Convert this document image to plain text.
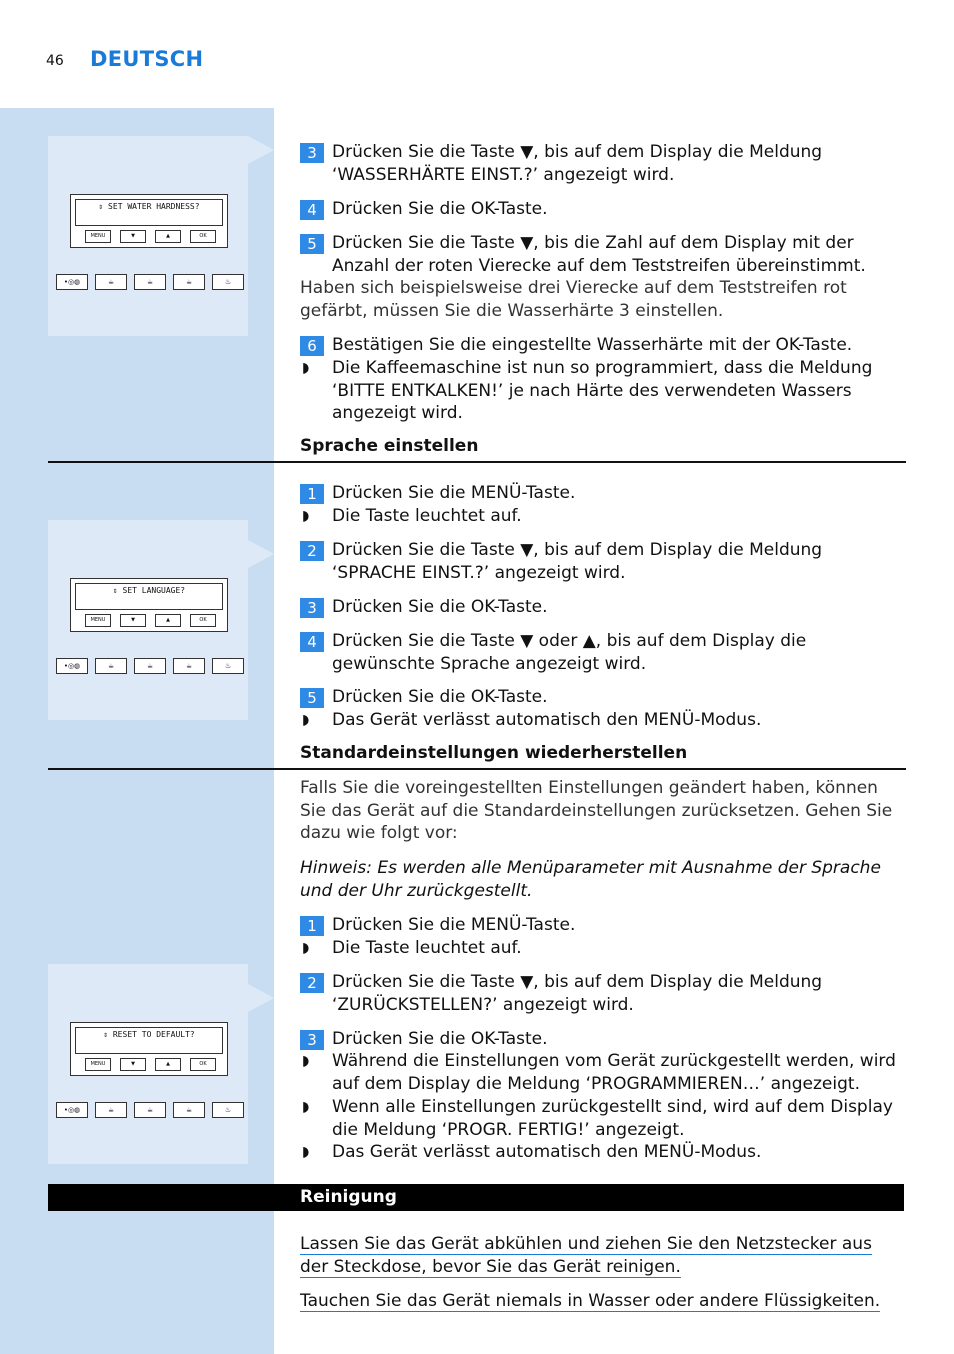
46 DEUTSCH
⇕ SET WATER HARDNESS?
MENU	▼	▲	OK
•◎◍	☕	☕	☕	♨
⇕ SET LANGUAGE?
MENU	▼	▲	OK
•◎◍	☕	☕	☕	♨
⇕ RESET TO DEFAULT?
MENU	▼	▲	OK
•◎◍	☕	☕	☕	♨
3 Drücken Sie die Taste ▼, bis auf dem Display die Meldung ‘WASSERHÄRTE EINST.?’ angezeigt wird.
4 Drücken Sie die OK-Taste.
5 Drücken Sie die Taste ▼, bis die Zahl auf dem Display mit der Anzahl der roten Vierecke auf dem Teststreifen übereinstimmt.
Haben sich beispielsweise drei Vierecke auf dem Teststreifen rot gefärbt, müssen Sie die Wasserhärte 3 einstellen.
6 Bestätigen Sie die eingestellte Wasserhärte mit der OK-Taste.
◗ Die Kaffeemaschine ist nun so programmiert, dass die Meldung ‘BITTE ENTKALKEN!’ je nach Härte des verwendeten Wassers angezeigt wird.
Sprache einstellen
1 Drücken Sie die MENÜ-Taste.
◗ Die Taste leuchtet auf.
2 Drücken Sie die Taste ▼, bis auf dem Display die Meldung ‘SPRACHE EINST.?’ angezeigt wird.
3 Drücken Sie die OK-Taste.
4 Drücken Sie die Taste ▼ oder ▲, bis auf dem Display die gewünschte Sprache angezeigt wird.
5 Drücken Sie die OK-Taste.
◗ Das Gerät verlässt automatisch den MENÜ-Modus.
Standardeinstellungen wiederherstellen
Falls Sie die voreingestellten Einstellungen geändert haben, können Sie das Gerät auf die Standardeinstellungen zurücksetzen. Gehen Sie dazu wie folgt vor:
Hinweis: Es werden alle Menüparameter mit Ausnahme der Sprache und der Uhr zurückgestellt.
1 Drücken Sie die MENÜ-Taste.
◗ Die Taste leuchtet auf.
2 Drücken Sie die Taste ▼, bis auf dem Display die Meldung ‘ZURÜCKSTELLEN?’ angezeigt wird.
3 Drücken Sie die OK-Taste.
◗ Während die Einstellungen vom Gerät zurückgestellt werden, wird auf dem Display die Meldung ‘PROGRAMMIEREN…’ angezeigt.
◗ Wenn alle Einstellungen zurückgestellt sind, wird auf dem Display die Meldung ‘PROGR. FERTIG!’ angezeigt.
◗ Das Gerät verlässt automatisch den MENÜ-Modus.
Reinigung
Lassen Sie das Gerät abkühlen und ziehen Sie den Netzstecker aus der Steckdose, bevor Sie das Gerät reinigen.
Tauchen Sie das Gerät niemals in Wasser oder andere Flüssigkeiten.
